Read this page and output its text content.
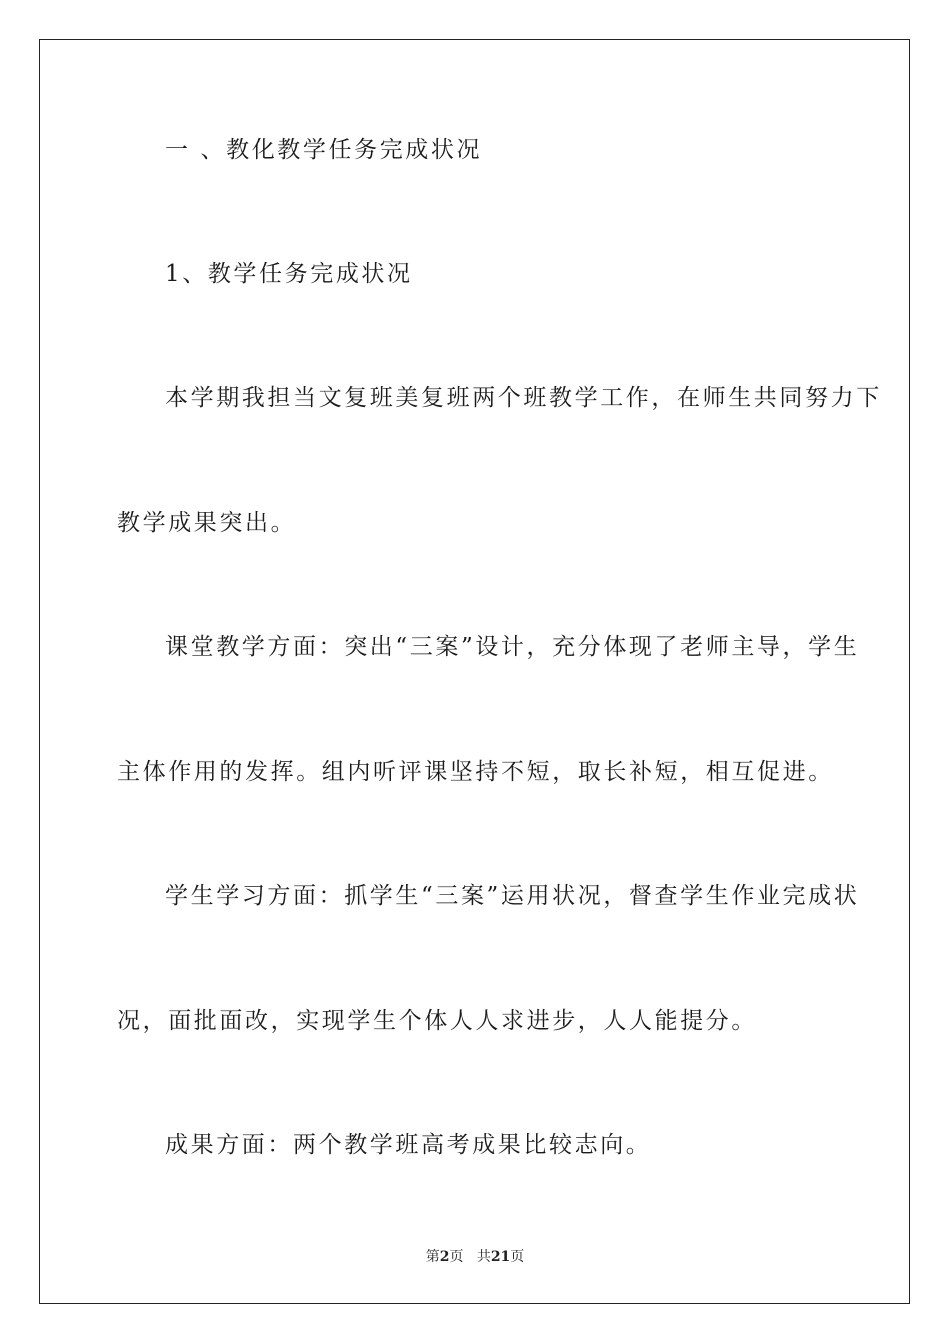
一 、教化教学任务完成状况
1、教学任务完成状况
本学期我担当文复班美复班两个班教学工作，在师生共同努力下
教学成果突出。
课堂教学方面：突出“三案”设计，充分体现了老师主导，学生
主体作用的发挥。组内听评课坚持不短，取长补短，相互促进。
学生学习方面：抓学生“三案”运用状况，督查学生作业完成状
况，面批面改，实现学生个体人人求进步，人人能提分。
成果方面：两个教学班高考成果比较志向。
第2页 共21页
